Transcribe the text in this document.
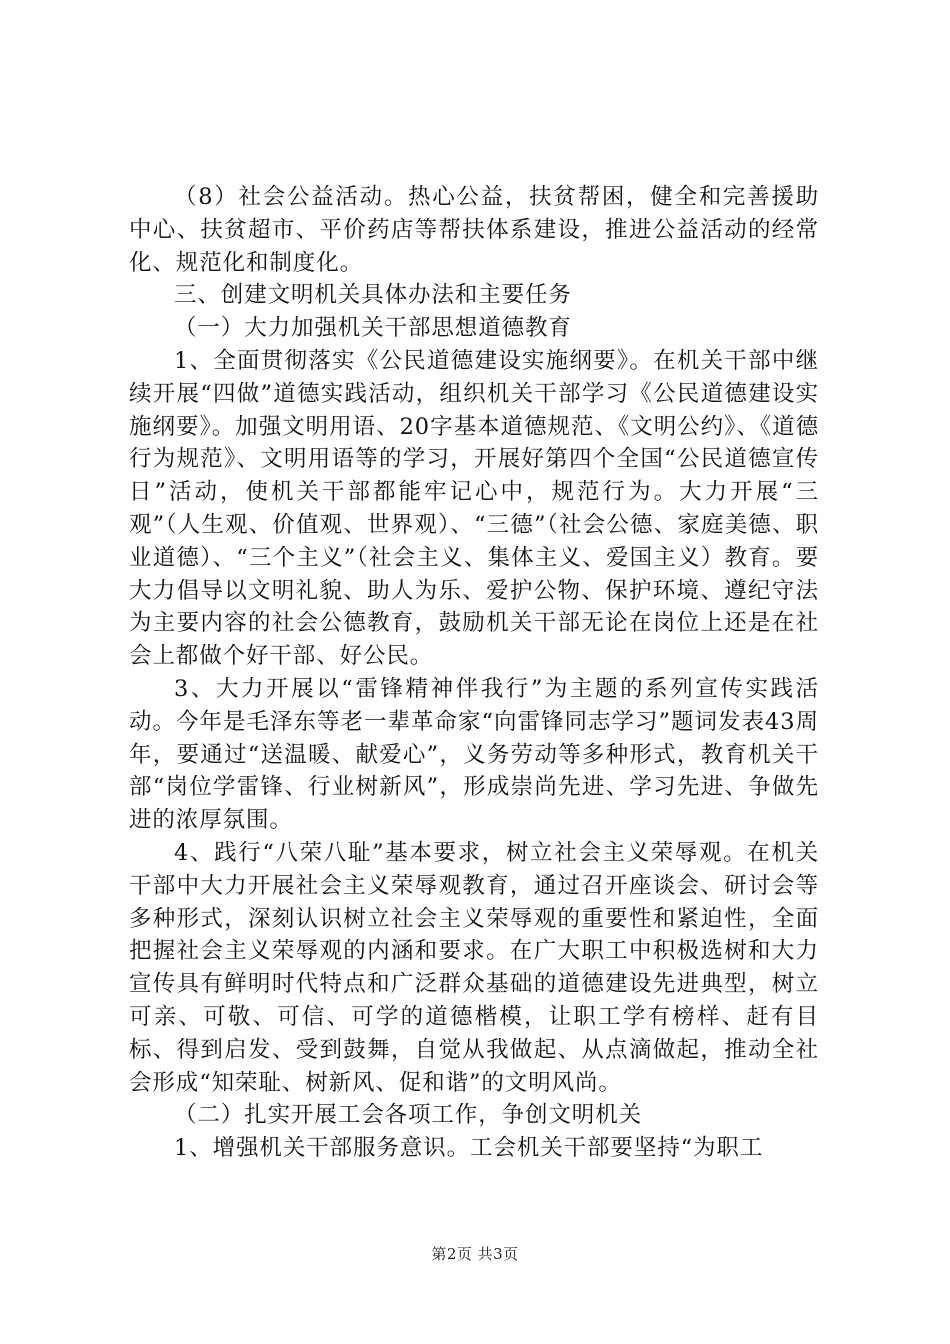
（8）社会公益活动。热心公益，扶贫帮困，健全和完善援助中心、扶贫超市、平价药店等帮扶体系建设，推进公益活动的经常化、规范化和制度化。

三、创建文明机关具体办法和主要任务

（一）大力加强机关干部思想道德教育

1、全面贯彻落实《公民道德建设实施纲要》。在机关干部中继续开展“四做”道德实践活动，组织机关干部学习《公民道德建设实施纲要》。加强文明用语、20字基本道德规范、《文明公约》、《道德行为规范》、文明用语等的学习，开展好第四个全国“公民道德宣传日”活动，使机关干部都能牢记心中，规范行为。大力开展“三观”（人生观、价值观、世界观）、“三德”（社会公德、家庭美德、职业道德）、“三个主义”（社会主义、集体主义、爱国主义）教育。要大力倡导以文明礼貌、助人为乐、爱护公物、保护环境、遵纪守法为主要内容的社会公德教育，鼓励机关干部无论在岗位上还是在社会上都做个好干部、好公民。

3、大力开展以“雷锋精神伴我行”为主题的系列宣传实践活动。今年是毛泽东等老一辈革命家“向雷锋同志学习”题词发表43周年，要通过“送温暖、献爱心”，义务劳动等多种形式，教育机关干部“岗位学雷锋、行业树新风”，形成崇尚先进、学习先进、争做先进的浓厚氛围。

4、践行“八荣八耻”基本要求，树立社会主义荣辱观。在机关干部中大力开展社会主义荣辱观教育，通过召开座谈会、研讨会等多种形式，深刻认识树立社会主义荣辱观的重要性和紧迫性，全面把握社会主义荣辱观的内涵和要求。在广大职工中积极选树和大力宣传具有鲜明时代特点和广泛群众基础的道德建设先进典型，树立可亲、可敬、可信、可学的道德楷模，让职工学有榜样、赶有目标、得到启发、受到鼓舞，自觉从我做起、从点滴做起，推动全社会形成“知荣耻、树新风、促和谐”的文明风尚。

（二）扎实开展工会各项工作，争创文明机关

1、增强机关干部服务意识。工会机关干部要坚持“为职工

第2页 共3页
